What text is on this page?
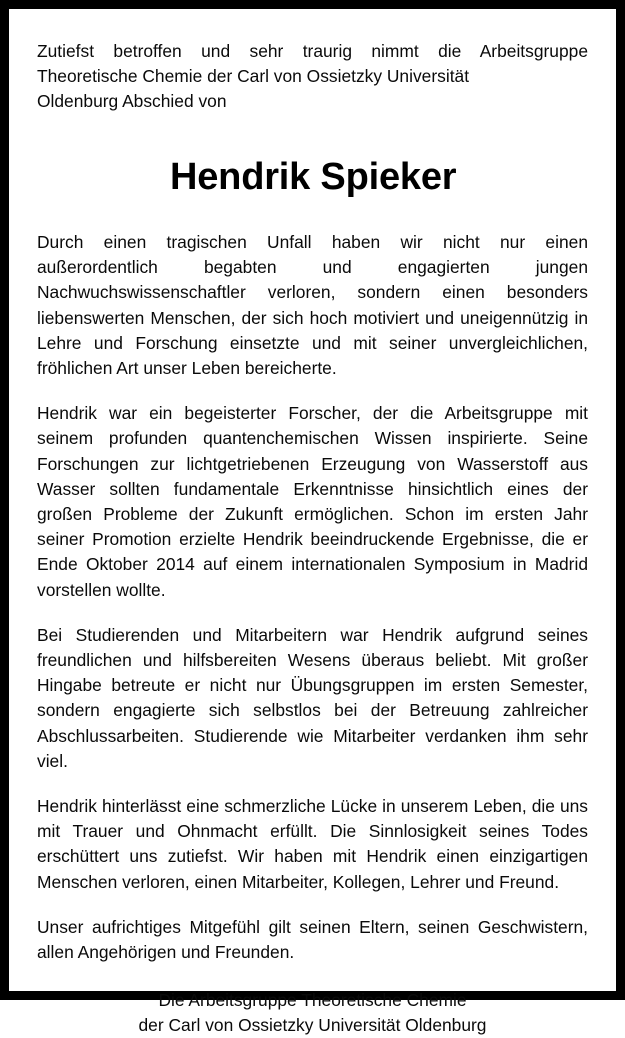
Zutiefst betroffen und sehr traurig nimmt die Arbeitsgruppe Theoretische Chemie der Carl von Ossietzky Universität
Oldenburg Abschied von
Hendrik Spieker

Durch einen tragischen Unfall haben wir nicht nur einen außerordentlich begabten und engagierten jungen Nachwuchswissenschaftler verloren, sondern einen besonders liebenswerten Menschen, der sich hoch motiviert und uneigennützig in Lehre und Forschung einsetzte und mit seiner unvergleichlichen, fröhlichen Art unser Leben bereicherte.

Hendrik war ein begeisterter Forscher, der die Arbeitsgruppe mit seinem profunden quantenchemischen Wissen inspirierte. Seine Forschungen zur lichtgetriebenen Erzeugung von Wasserstoff aus Wasser sollten fundamentale Erkenntnisse hinsichtlich eines der großen Probleme der Zukunft ermöglichen. Schon im ersten Jahr seiner Promotion erzielte Hendrik beeindruckende Ergebnisse, die er Ende Oktober 2014 auf einem internationalen Symposium in Madrid vorstellen wollte.

Bei Studierenden und Mitarbeitern war Hendrik aufgrund seines freundlichen und hilfsbereiten Wesens überaus beliebt. Mit großer Hingabe betreute er nicht nur Übungsgruppen im ersten Semester, sondern engagierte sich selbstlos bei der Betreuung zahlreicher Abschlussarbeiten. Studierende wie Mitarbeiter verdanken ihm sehr viel.

Hendrik hinterlässt eine schmerzliche Lücke in unserem Leben, die uns mit Trauer und Ohnmacht erfüllt. Die Sinnlosigkeit seines Todes erschüttert uns zutiefst. Wir haben mit Hendrik einen einzigartigen Menschen verloren, einen Mitarbeiter, Kollegen, Lehrer und Freund.

Unser aufrichtiges Mitgefühl gilt seinen Eltern, seinen Geschwistern, allen Angehörigen und Freunden.

Die Arbeitsgruppe Theoretische Chemie
der Carl von Ossietzky Universität Oldenburg
